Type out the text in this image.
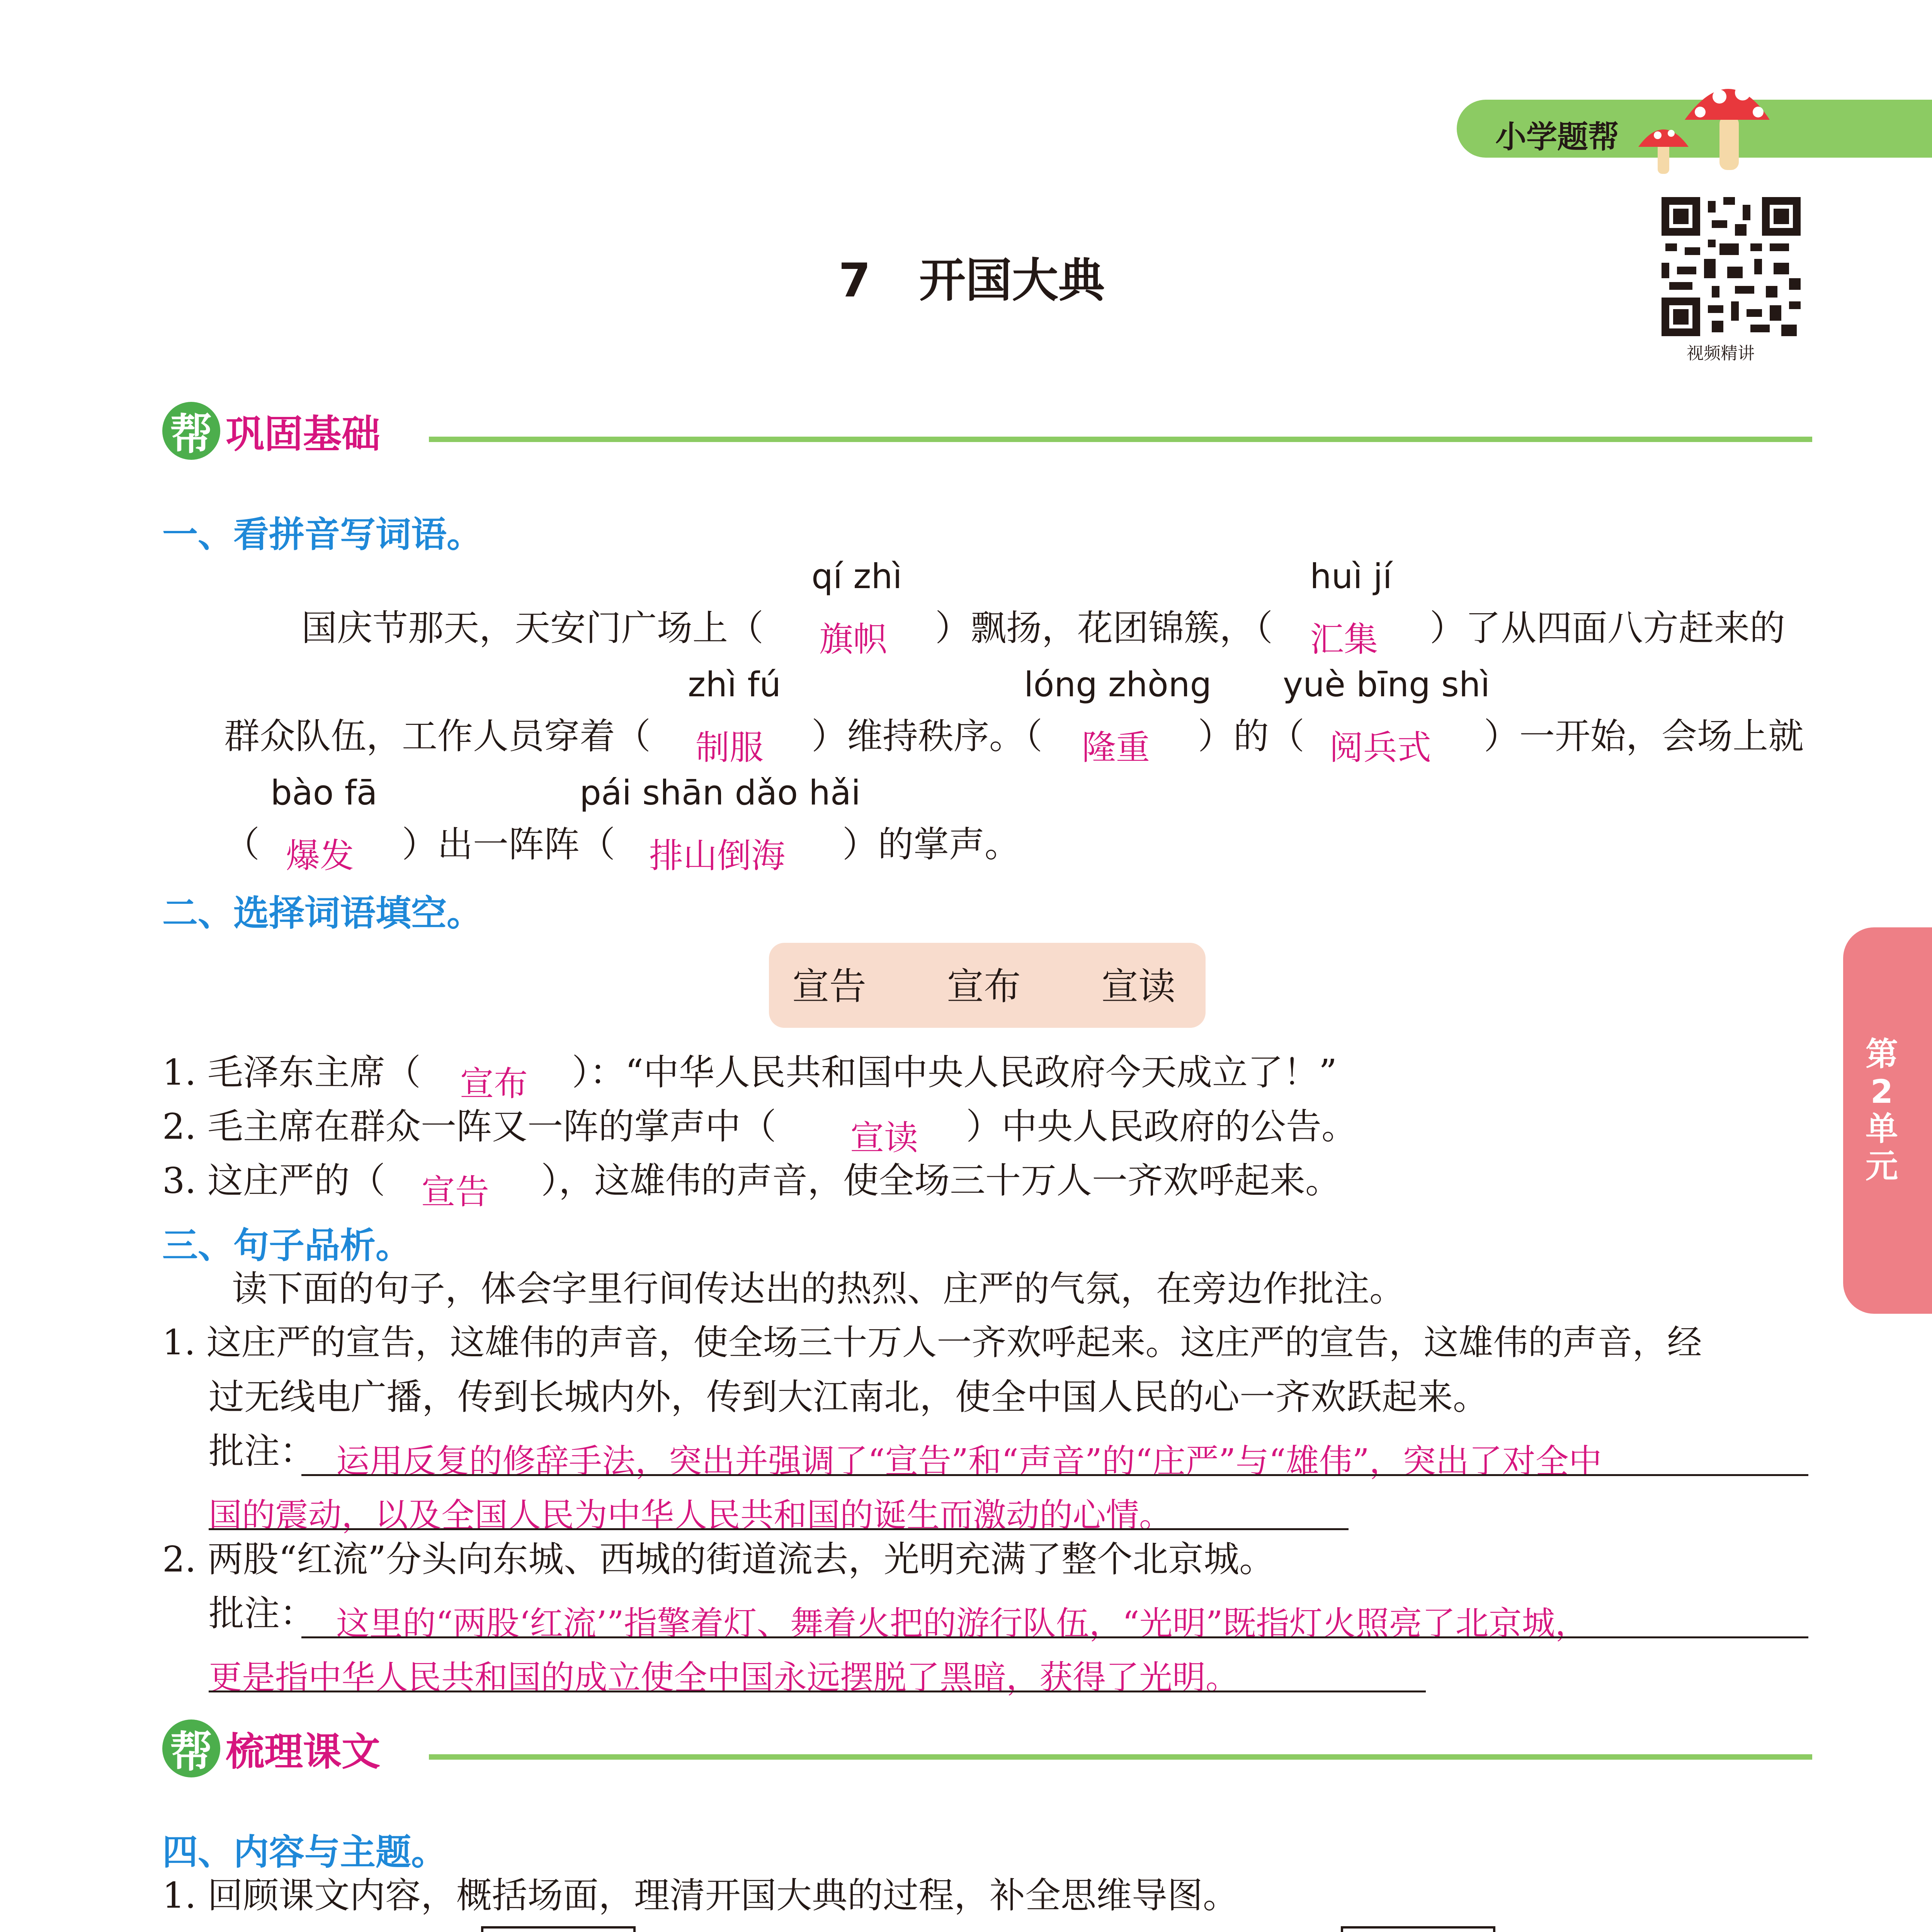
小学题帮
视频精讲
7   开国大典
第
2
单
元
帮 巩固基础
一、看拼音写词语。
qí zhì	huì jí
国庆节那天，天安门广场上（ 旗帜 ）飘扬，花团锦簇，（ 汇集 ）了从四面八方赶来的
zhì fú	lóng zhòng yuè bīng shì
群众队伍，工作人员穿着（ 制服 ）维持秩序。（ 隆重 ）的（ 阅兵式 ）一开始，会场上就
bào fā	pái shān dǎo hǎi
（ 爆发 ）出一阵阵（ 排山倒海 ）的掌声。
二、选择词语填空。
宣告 宣布 宣读
1. 毛泽东主席（ 宣布 ）：“中华人民共和国中央人民政府今天成立了！”
2. 毛主席在群众一阵又一阵的掌声中（ 宣读 ）中央人民政府的公告。
3. 这庄严的（ 宣告 ），这雄伟的声音，使全场三十万人一齐欢呼起来。
三、句子品析。
读下面的句子，体会字里行间传达出的热烈、庄严的气氛，在旁边作批注。
1. 这庄严的宣告，这雄伟的声音，使全场三十万人一齐欢呼起来。这庄严的宣告，这雄伟的声音，经
过无线电广播，传到长城内外，传到大江南北，使全中国人民的心一齐欢跃起来。
批注： 运用反复的修辞手法，突出并强调了“宣告”和“声音”的“庄严”与“雄伟”，突出了对全中
国的震动，以及全国人民为中华人民共和国的诞生而激动的心情。
2. 两股“红流”分头向东城、西城的街道流去，光明充满了整个北京城。
批注： 这里的“两股‘红流’”指擎着灯、舞着火把的游行队伍，“光明”既指灯火照亮了北京城，
更是指中华人民共和国的成立使全中国永远摆脱了黑暗，获得了光明。
帮 梳理课文
四、内容与主题。
1. 回顾课文内容，概括场面，理清开国大典的过程，补全思维导图。
